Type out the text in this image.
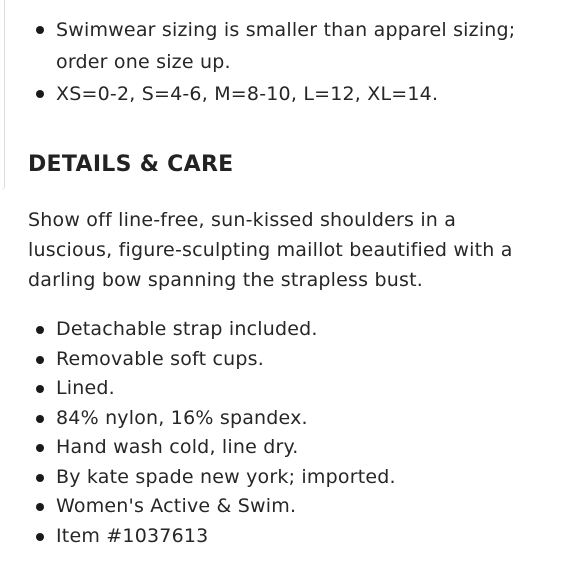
Swimwear sizing is smaller than apparel sizing; order one size up.
XS=0-2, S=4-6, M=8-10, L=12, XL=14.
DETAILS & CARE

Show off line-free, sun-kissed shoulders in a luscious, figure-sculpting maillot beautified with a darling bow spanning the strapless bust.

Detachable strap included.
Removable soft cups.
Lined.
84% nylon, 16% spandex.
Hand wash cold, line dry.
By kate spade new york; imported.
Women's Active & Swim.
Item #1037613
